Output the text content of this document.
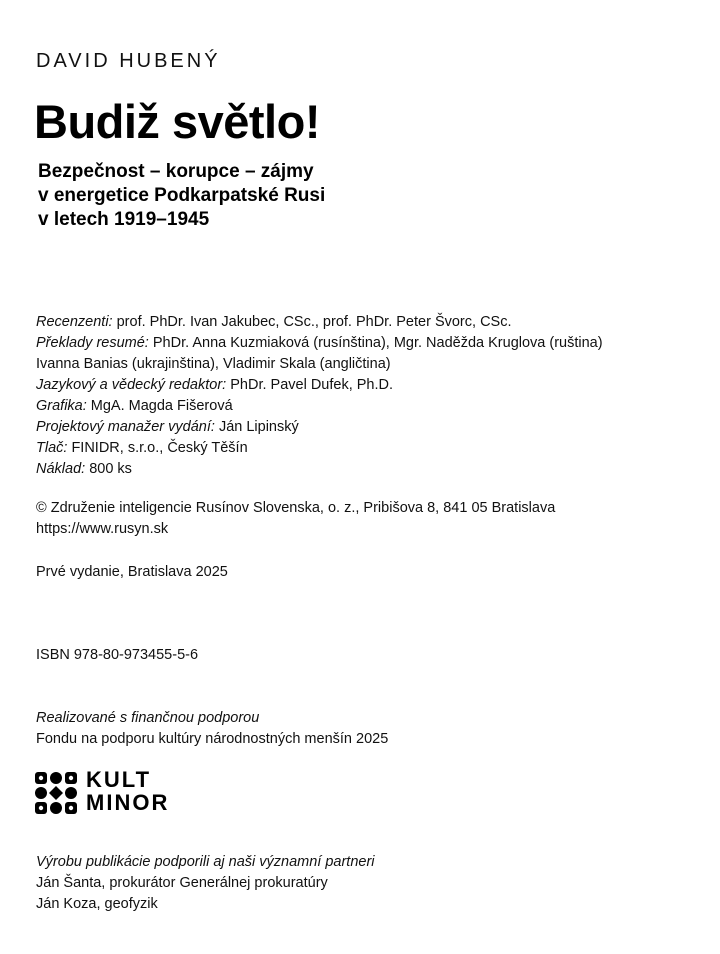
DAVID HUBENÝ
Budiž světlo!
Bezpečnost – korupce – zájmy
v energetice Podkarpatské Rusi
v letech 1919–1945
Recenzenti: prof. PhDr. Ivan Jakubec, CSc., prof. PhDr. Peter Švorc, CSc.
Překlady resumé: PhDr. Anna Kuzmiaková (rusínština), Mgr. Naděžda Kruglova (ruština)
Ivanna Banias (ukrajinština), Vladimir Skala (angličtina)
Jazykový a vědecký redaktor: PhDr. Pavel Dufek, Ph.D.
Grafika: MgA. Magda Fišerová
Projektový manažer vydání: Ján Lipinský
Tlač: FINIDR, s.r.o., Český Těšín
Náklad: 800 ks
© Združenie inteligencie Rusínov Slovenska, o. z., Pribišova 8, 841 05 Bratislava
https://www.rusyn.sk
Prvé vydanie, Bratislava 2025
ISBN 978-80-973455-5-6
Realizované s finančnou podporou
Fondu na podporu kultúry národnostných menšín 2025
KULT
MINOR
Výrobu publikácie podporili aj naši významní partneri
Ján Šanta, prokurátor Generálnej prokuratúry
Ján Koza, geofyzik
